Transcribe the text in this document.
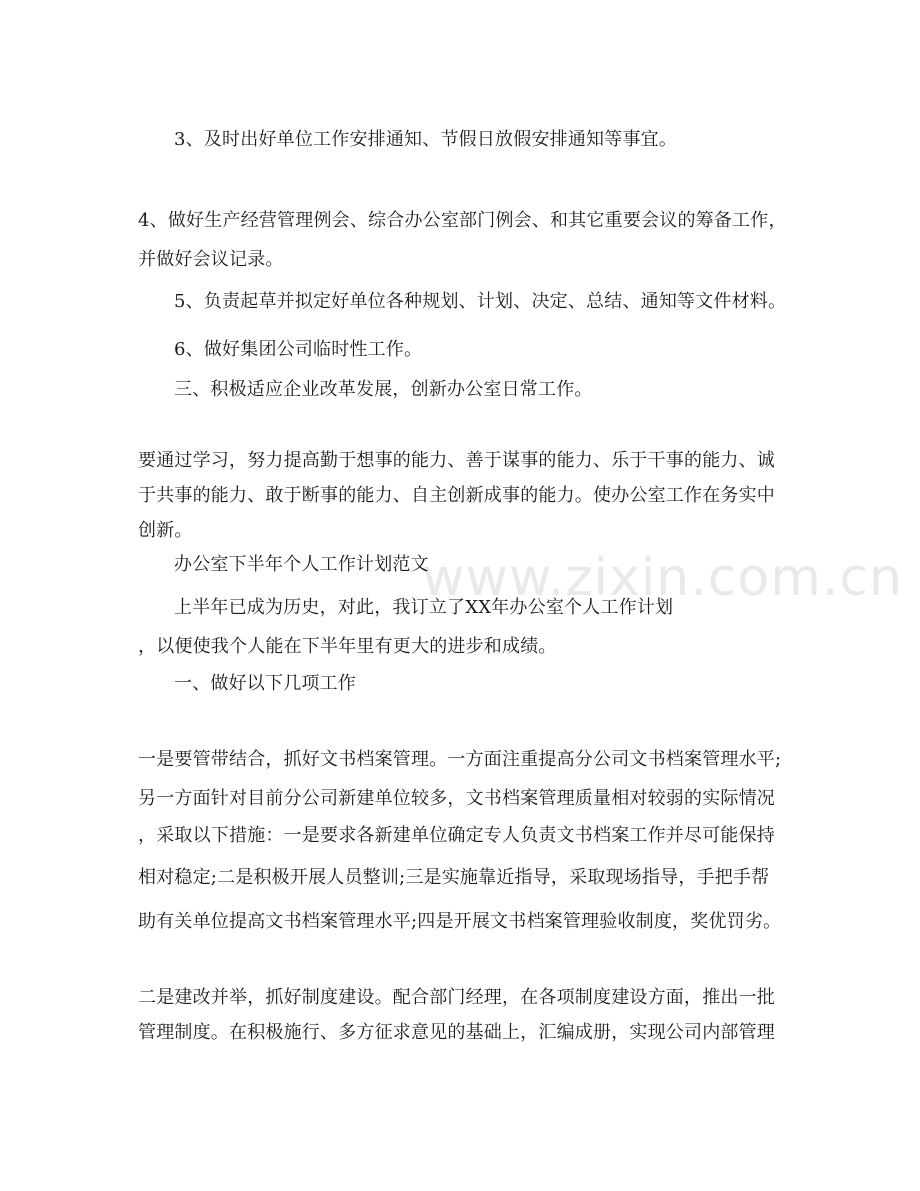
www.zixin.com.cn
3、及时出好单位工作安排通知、节假日放假安排通知等事宜。
4、做好生产经营管理例会、综合办公室部门例会、和其它重要会议的筹备工作，
并做好会议记录。
5、负责起草并拟定好单位各种规划、计划、决定、总结、通知等文件材料。
6、做好集团公司临时性工作。
三、积极适应企业改革发展，创新办公室日常工作。
要通过学习，努力提高勤于想事的能力、善于谋事的能力、乐于干事的能力、诚
于共事的能力、敢于断事的能力、自主创新成事的能力。使办公室工作在务实中
创新。
办公室下半年个人工作计划范文
上半年已成为历史，对此，我订立了XX年办公室个人工作计划
，以便使我个人能在下半年里有更大的进步和成绩。
一、做好以下几项工作
一是要管带结合，抓好文书档案管理。一方面注重提高分公司文书档案管理水平;
另一方面针对目前分公司新建单位较多，文书档案管理质量相对较弱的实际情况
，采取以下措施：一是要求各新建单位确定专人负责文书档案工作并尽可能保持
相对稳定;二是积极开展人员整训;三是实施靠近指导，采取现场指导，手把手帮
助有关单位提高文书档案管理水平;四是开展文书档案管理验收制度，奖优罚劣。
二是建改并举，抓好制度建设。配合部门经理，在各项制度建设方面，推出一批
管理制度。在积极施行、多方征求意见的基础上，汇编成册，实现公司内部管理
